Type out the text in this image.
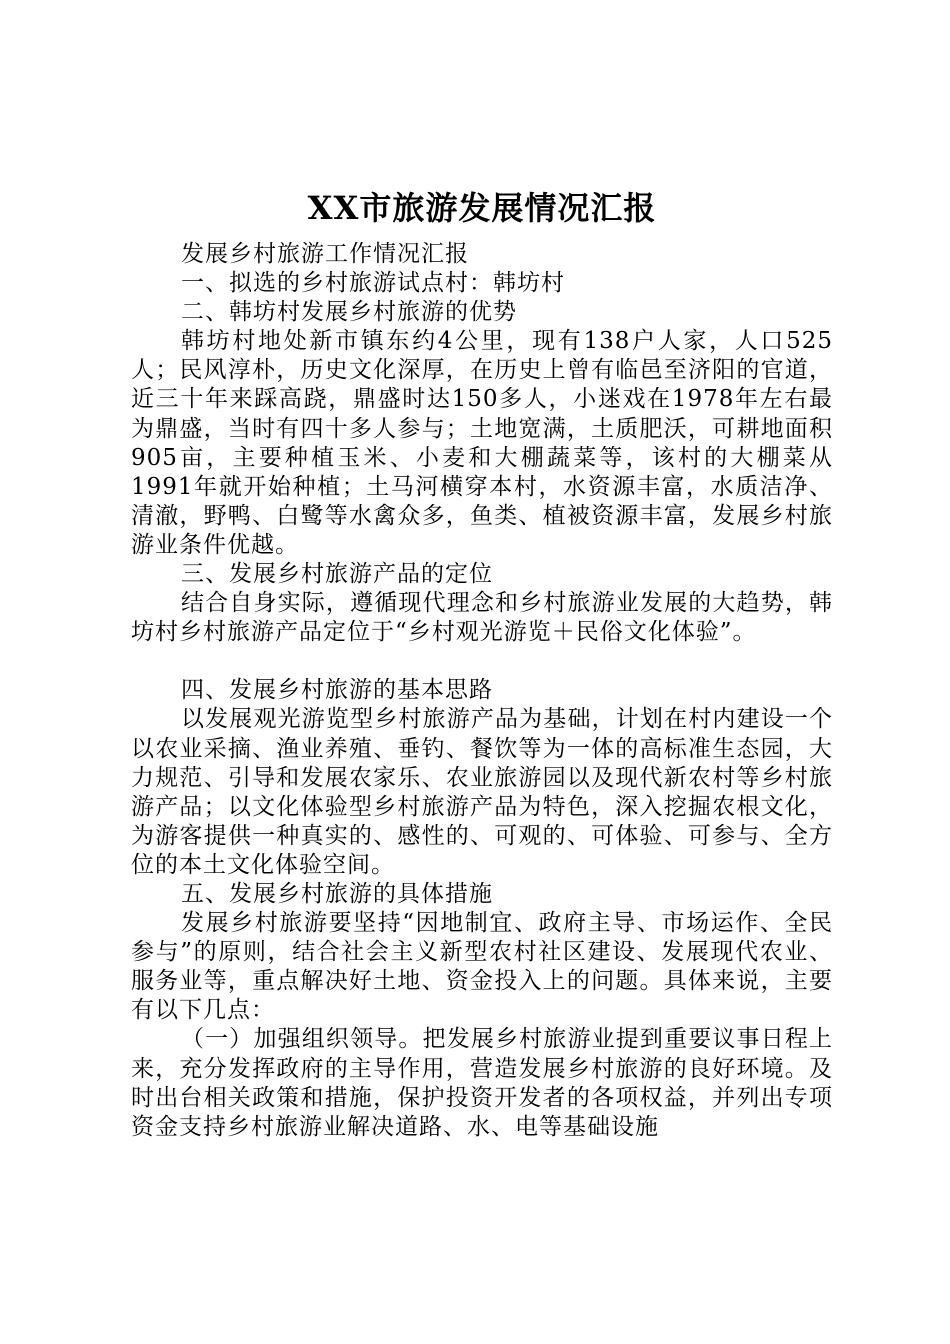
XX市旅游发展情况汇报

发展乡村旅游工作情况汇报

一、拟选的乡村旅游试点村：韩坊村

二、韩坊村发展乡村旅游的优势

韩坊村地处新市镇东约4公里，现有138户人家，人口525人；民风淳朴，历史文化深厚，在历史上曾有临邑至济阳的官道，近三十年来踩高跷，鼎盛时达150多人，小迷戏在1978年左右最为鼎盛，当时有四十多人参与；土地宽满，土质肥沃，可耕地面积905亩，主要种植玉米、小麦和大棚蔬菜等，该村的大棚菜从1991年就开始种植；土马河横穿本村，水资源丰富，水质洁净、清澈，野鸭、白鹭等水禽众多，鱼类、植被资源丰富，发展乡村旅游业条件优越。

三、发展乡村旅游产品的定位

结合自身实际，遵循现代理念和乡村旅游业发展的大趋势，韩坊村乡村旅游产品定位于“乡村观光游览＋民俗文化体验”。

四、发展乡村旅游的基本思路

以发展观光游览型乡村旅游产品为基础，计划在村内建设一个以农业采摘、渔业养殖、垂钓、餐饮等为一体的高标准生态园，大力规范、引导和发展农家乐、农业旅游园以及现代新农村等乡村旅游产品；以文化体验型乡村旅游产品为特色，深入挖掘农根文化，为游客提供一种真实的、感性的、可观的、可体验、可参与、全方位的本土文化体验空间。

五、发展乡村旅游的具体措施

发展乡村旅游要坚持“因地制宜、政府主导、市场运作、全民参与”的原则，结合社会主义新型农村社区建设、发展现代农业、服务业等，重点解决好土地、资金投入上的问题。具体来说，主要有以下几点：

（一）加强组织领导。把发展乡村旅游业提到重要议事日程上来，充分发挥政府的主导作用，营造发展乡村旅游的良好环境。及时出台相关政策和措施，保护投资开发者的各项权益，并列出专项资金支持乡村旅游业解决道路、水、电等基础设施
